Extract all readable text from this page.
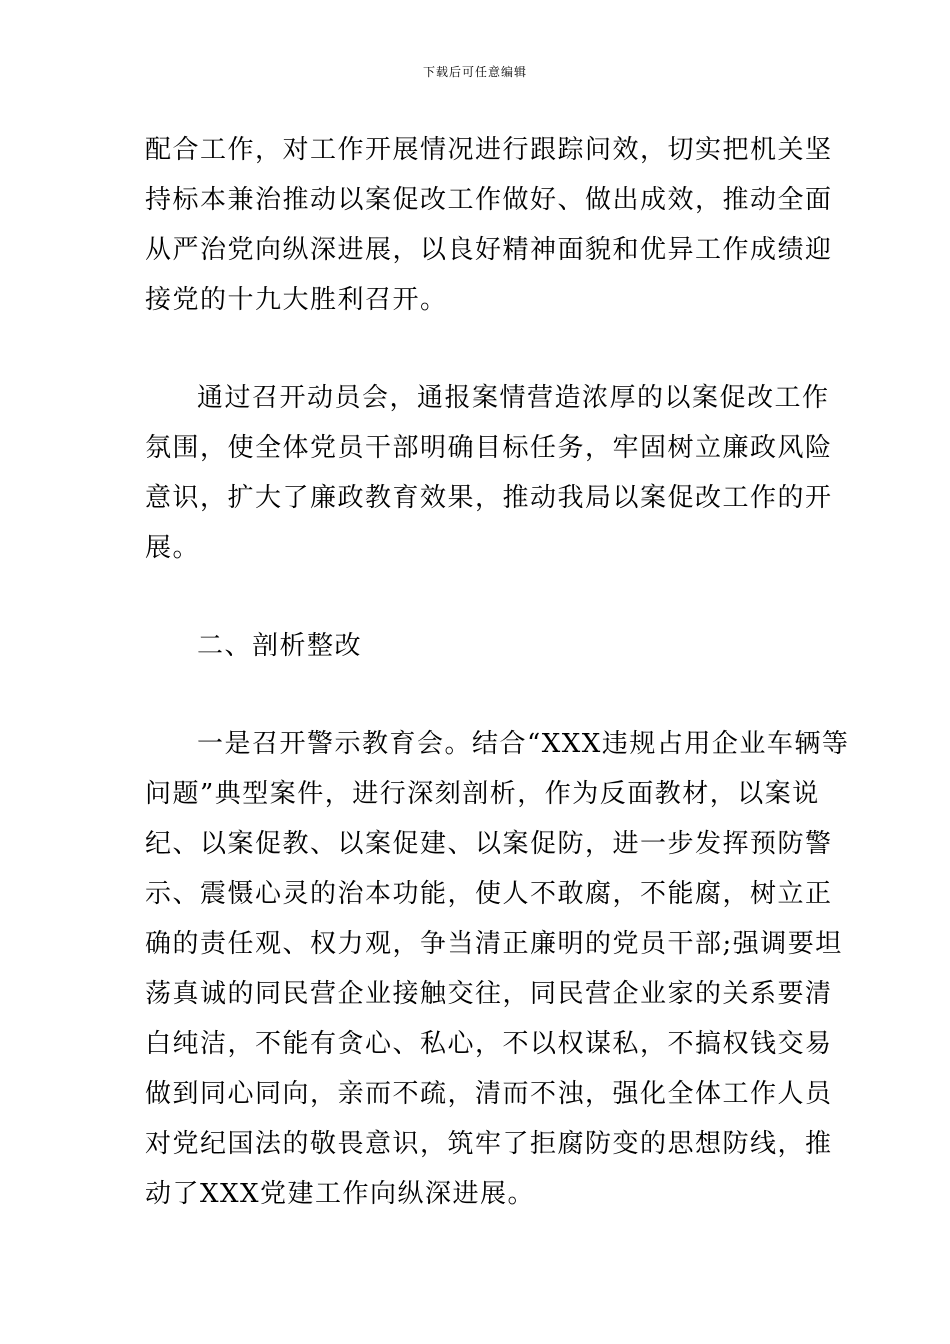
下载后可任意编辑
配合工作，对工作开展情况进行跟踪问效，切实把机关坚
持标本兼治推动以案促改工作做好、做出成效，推动全面
从严治党向纵深进展，以良好精神面貌和优异工作成绩迎
接党的十九大胜利召开。
通过召开动员会，通报案情营造浓厚的以案促改工作
氛围，使全体党员干部明确目标任务，牢固树立廉政风险
意识，扩大了廉政教育效果，推动我局以案促改工作的开
展。
二、剖析整改
一是召开警示教育会。结合“XXX违规占用企业车辆等
问题”典型案件，进行深刻剖析，作为反面教材，以案说
纪、以案促教、以案促建、以案促防，进一步发挥预防警
示、震慑心灵的治本功能，使人不敢腐，不能腐，树立正
确的责任观、权力观，争当清正廉明的党员干部;强调要坦
荡真诚的同民营企业接触交往，同民营企业家的关系要清
白纯洁，不能有贪心、私心，不以权谋私，不搞权钱交易
做到同心同向，亲而不疏，清而不浊，强化全体工作人员
对党纪国法的敬畏意识，筑牢了拒腐防变的思想防线，推
动了XXX党建工作向纵深进展。
